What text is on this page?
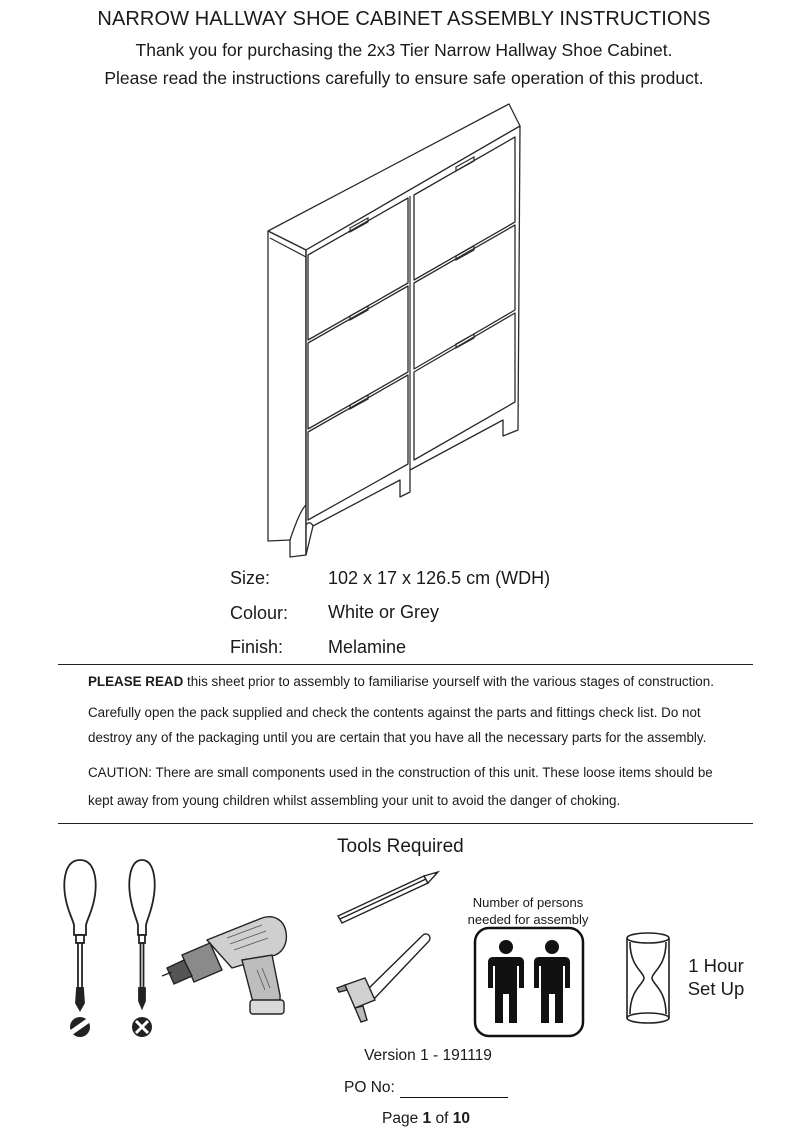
NARROW HALLWAY SHOE CABINET ASSEMBLY INSTRUCTIONS
Thank you for purchasing the 2x3 Tier Narrow Hallway Shoe Cabinet.
Please read the instructions carefully to ensure safe operation of this product.
Size:	102 x 17 x 126.5 cm (WDH)
Colour: White or Grey
Finish: Melamine
PLEASE READ this sheet prior to assembly to familiarise yourself with the various stages of construction.
Carefully open the pack supplied and check the contents against the parts and fittings check list. Do not
destroy any of the packaging until you are certain that you have all the necessary parts for the assembly.
CAUTION: There are small components used in the construction of this unit. These loose items should be
kept away from young children whilst assembling your unit to avoid the danger of choking.
Tools Required
Number of persons
needed for assembly
1 Hour
Set Up
Version 1 - 191119
PO No:
Page 1 of 10
